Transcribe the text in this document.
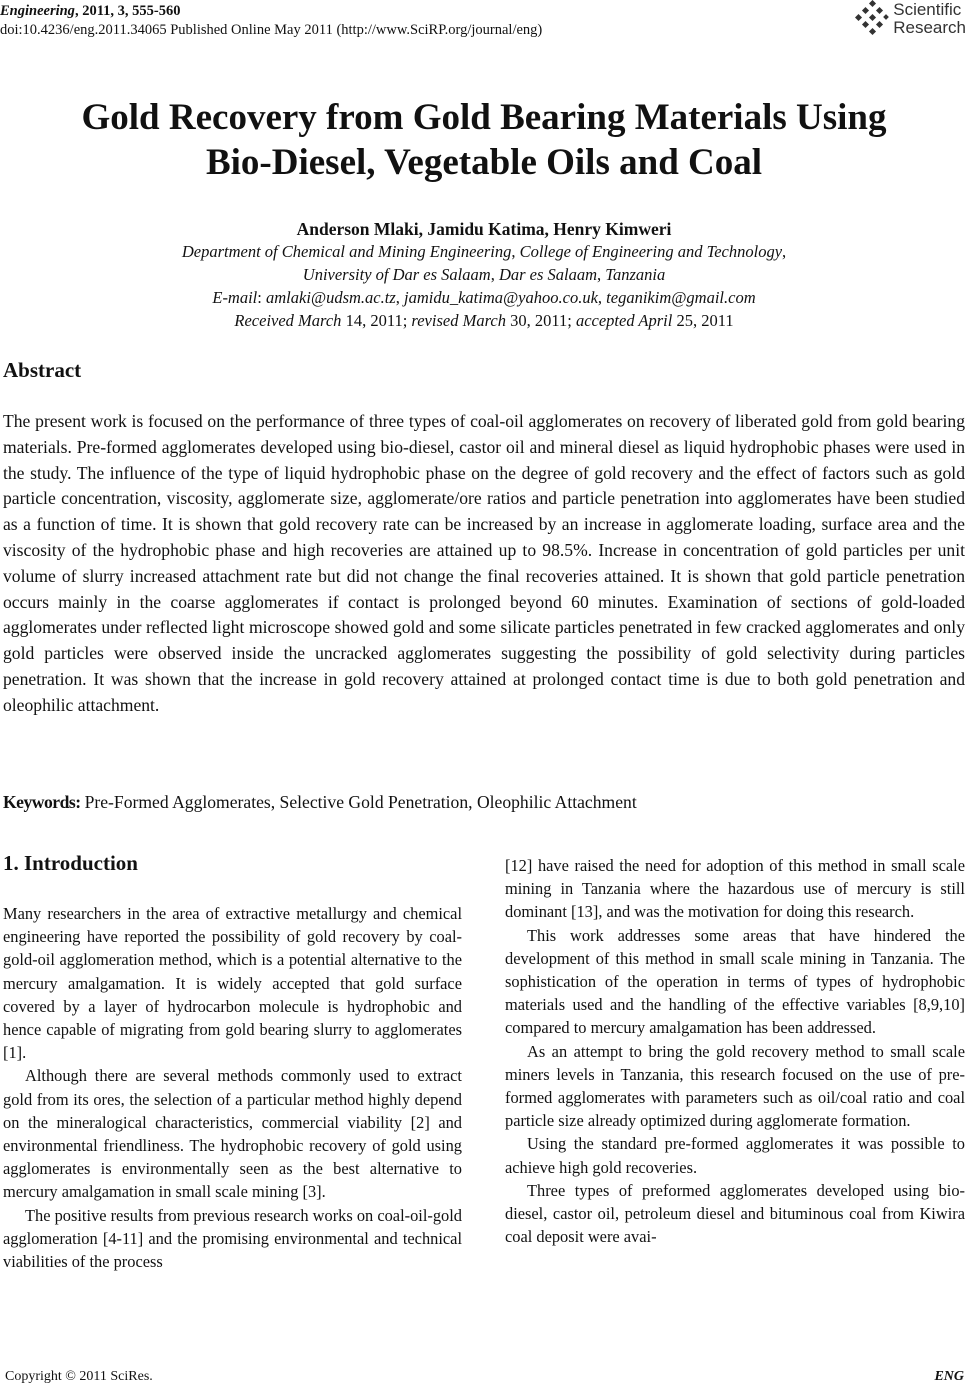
Engineering, 2011, 3, 555-560
doi:10.4236/eng.2011.34065 Published Online May 2011 (http://www.SciRP.org/journal/eng)
Scientific
Research
Gold Recovery from Gold Bearing Materials Using
Bio-Diesel, Vegetable Oils and Coal
Anderson Mlaki, Jamidu Katima, Henry Kimweri
Department of Chemical and Mining Engineering, College of Engineering and Technology,
University of Dar es Salaam, Dar es Salaam, Tanzania
E-mail: amlaki@udsm.ac.tz, jamidu_katima@yahoo.co.uk, teganikim@gmail.com
Received March 14, 2011; revised March 30, 2011; accepted April 25, 2011
Abstract

The present work is focused on the performance of three types of coal-oil agglomerates on recovery of liberated gold from gold bearing materials. Pre-formed agglomerates developed using bio-diesel, castor oil and mineral diesel as liquid hydrophobic phases were used in the study. The influence of the type of liquid hydrophobic phase on the degree of gold recovery and the effect of factors such as gold particle concentration, viscosity, agglomerate size, agglomerate/ore ratios and particle penetration into agglomerates have been studied as a function of time. It is shown that gold recovery rate can be increased by an increase in agglomerate loading, surface area and the viscosity of the hydrophobic phase and high recoveries are attained up to 98.5%. Increase in concentration of gold particles per unit volume of slurry increased attachment rate but did not change the final recoveries attained. It is shown that gold particle penetration occurs mainly in the coarse agglomerates if contact is prolonged beyond 60 minutes. Examination of sections of gold-loaded agglomerates under reflected light microscope showed gold and some silicate particles penetrated in few cracked agglomerates and only gold particles were observed inside the uncracked agglomerates suggesting the possibility of gold selectivity during particles penetration. It was shown that the increase in gold recovery attained at prolonged contact time is due to both gold penetration and oleophilic attachment.

Keywords: Pre-Formed Agglomerates, Selective Gold Penetration, Oleophilic Attachment
1. Introduction

Many researchers in the area of extractive metallurgy and chemical engineering have reported the possibility of gold recovery by coal-gold-oil agglomeration method, which is a potential alternative to the mercury amalgamation. It is widely accepted that gold surface covered by a layer of hydrocarbon molecule is hydrophobic and hence capable of migrating from gold bearing slurry to agglomerates [1].

Although there are several methods commonly used to extract gold from its ores, the selection of a particular method highly depend on the mineralogical characteristics, commercial viability [2] and environmental friendliness. The hydrophobic recovery of gold using agglomerates is environmentally seen as the best alternative to mercury amalgamation in small scale mining [3].

The positive results from previous research works on coal-oil-gold agglomeration [4-11] and the promising environmental and technical viabilities of the process

[12] have raised the need for adoption of this method in small scale mining in Tanzania where the hazardous use of mercury is still dominant [13], and was the motivation for doing this research.

This work addresses some areas that have hindered the development of this method in small scale mining in Tanzania. The sophistication of the operation in terms of types of hydrophobic materials used and the handling of the effective variables [8,9,10] compared to mercury amalgamation has been addressed.

As an attempt to bring the gold recovery method to small scale miners levels in Tanzania, this research focused on the use of pre-formed agglomerates with parameters such as oil/coal ratio and coal particle size already optimized during agglomerate formation.

Using the standard pre-formed agglomerates it was possible to achieve high gold recoveries.

Three types of preformed agglomerates developed using bio-diesel, castor oil, petroleum diesel and bituminous coal from Kiwira coal deposit were avai-

Copyright © 2011 SciRes.	ENG
